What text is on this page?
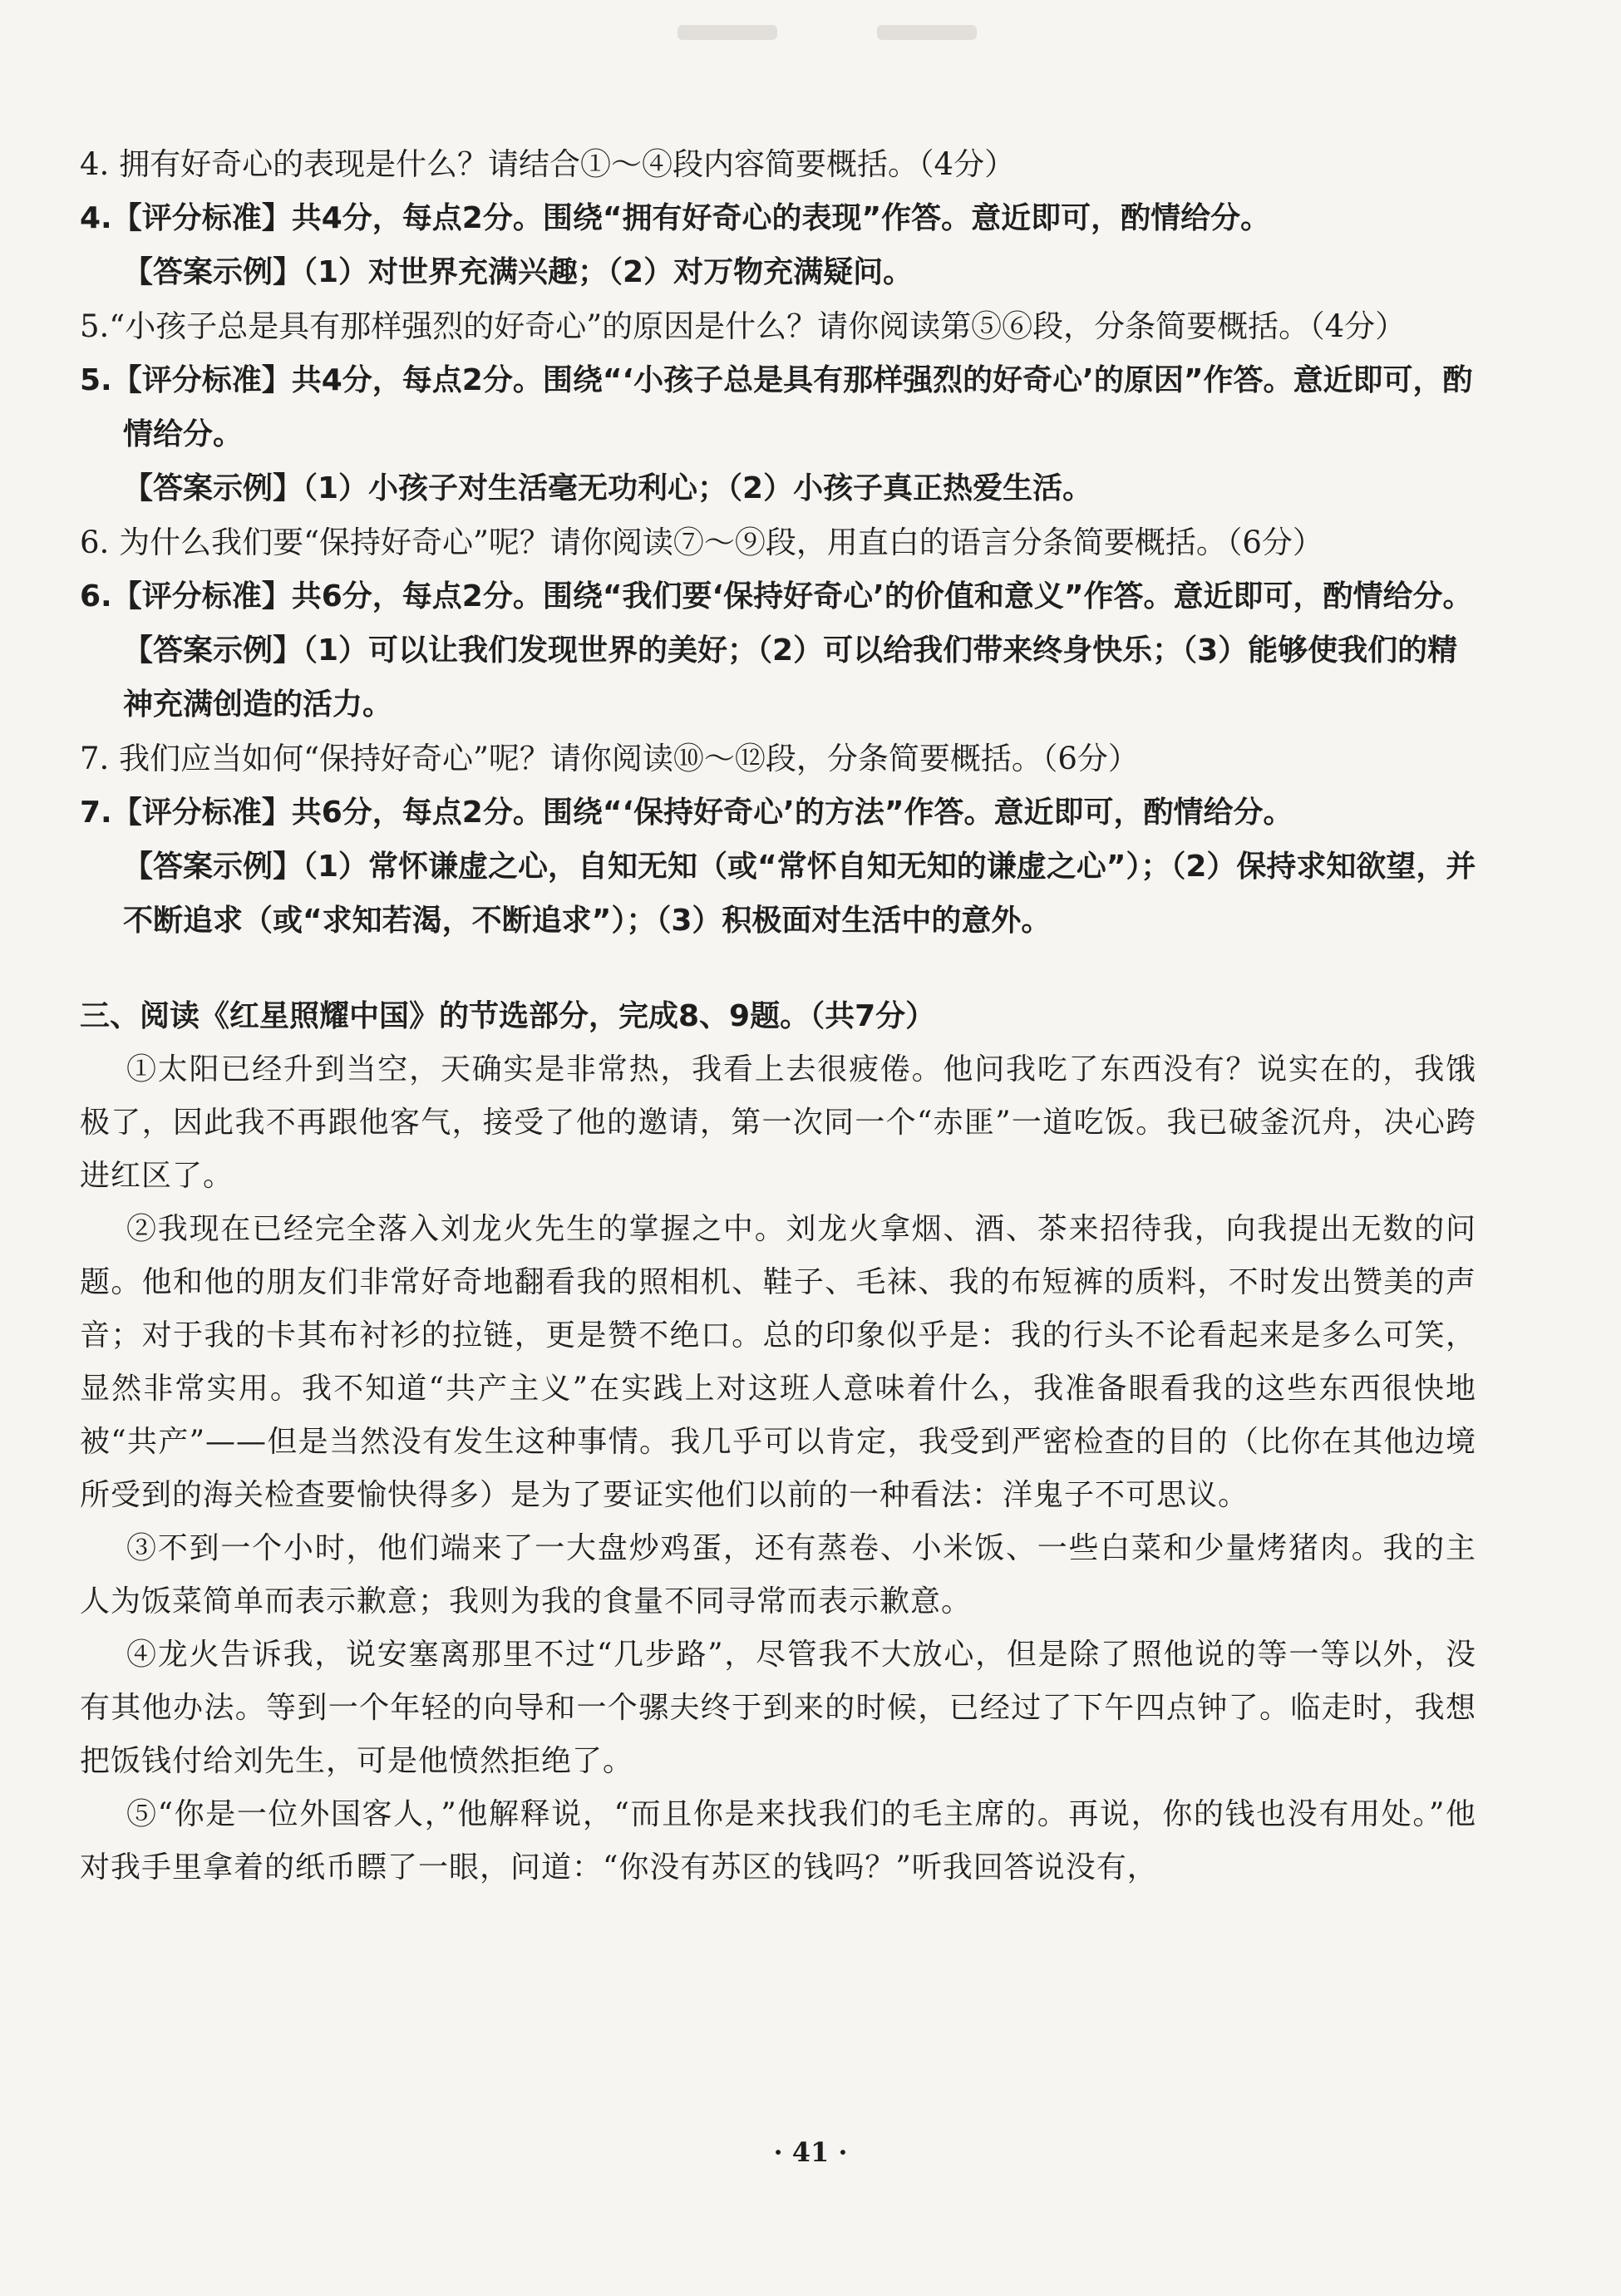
4. 拥有好奇心的表现是什么？请结合①～④段内容简要概括。（4分）

4.【评分标准】共4分，每点2分。围绕“拥有好奇心的表现”作答。意近即可，酌情给分。

【答案示例】（1）对世界充满兴趣；（2）对万物充满疑问。

5.“小孩子总是具有那样强烈的好奇心”的原因是什么？请你阅读第⑤⑥段，分条简要概括。（4分）

5.【评分标准】共4分，每点2分。围绕“‘小孩子总是具有那样强烈的好奇心’的原因”作答。意近即可，酌情给分。

【答案示例】（1）小孩子对生活毫无功利心；（2）小孩子真正热爱生活。

6. 为什么我们要“保持好奇心”呢？请你阅读⑦～⑨段，用直白的语言分条简要概括。（6分）

6.【评分标准】共6分，每点2分。围绕“我们要‘保持好奇心’的价值和意义”作答。意近即可，酌情给分。

【答案示例】（1）可以让我们发现世界的美好；（2）可以给我们带来终身快乐；（3）能够使我们的精神充满创造的活力。

7. 我们应当如何“保持好奇心”呢？请你阅读⑩～⑫段，分条简要概括。（6分）

7.【评分标准】共6分，每点2分。围绕“‘保持好奇心’的方法”作答。意近即可，酌情给分。

【答案示例】（1）常怀谦虚之心，自知无知（或“常怀自知无知的谦虚之心”）；（2）保持求知欲望，并不断追求（或“求知若渴，不断追求”）；（3）积极面对生活中的意外。

三、阅读《红星照耀中国》的节选部分，完成8、9题。（共7分）

①太阳已经升到当空，天确实是非常热，我看上去很疲倦。他问我吃了东西没有？说实在的，我饿极了，因此我不再跟他客气，接受了他的邀请，第一次同一个“赤匪”一道吃饭。我已破釜沉舟，决心跨进红区了。

②我现在已经完全落入刘龙火先生的掌握之中。刘龙火拿烟、酒、茶来招待我，向我提出无数的问题。他和他的朋友们非常好奇地翻看我的照相机、鞋子、毛袜、我的布短裤的质料，不时发出赞美的声音；对于我的卡其布衬衫的拉链，更是赞不绝口。总的印象似乎是：我的行头不论看起来是多么可笑，显然非常实用。我不知道“共产主义”在实践上对这班人意味着什么，我准备眼看我的这些东西很快地被“共产”——但是当然没有发生这种事情。我几乎可以肯定，我受到严密检查的目的（比你在其他边境所受到的海关检查要愉快得多）是为了要证实他们以前的一种看法：洋鬼子不可思议。

③不到一个小时，他们端来了一大盘炒鸡蛋，还有蒸卷、小米饭、一些白菜和少量烤猪肉。我的主人为饭菜简单而表示歉意；我则为我的食量不同寻常而表示歉意。

④龙火告诉我，说安塞离那里不过“几步路”，尽管我不大放心，但是除了照他说的等一等以外，没有其他办法。等到一个年轻的向导和一个骡夫终于到来的时候，已经过了下午四点钟了。临走时，我想把饭钱付给刘先生，可是他愤然拒绝了。

⑤“你是一位外国客人，”他解释说，“而且你是来找我们的毛主席的。再说，你的钱也没有用处。”他对我手里拿着的纸币瞟了一眼，问道：“你没有苏区的钱吗？”听我回答说没有，

· 41 ·
